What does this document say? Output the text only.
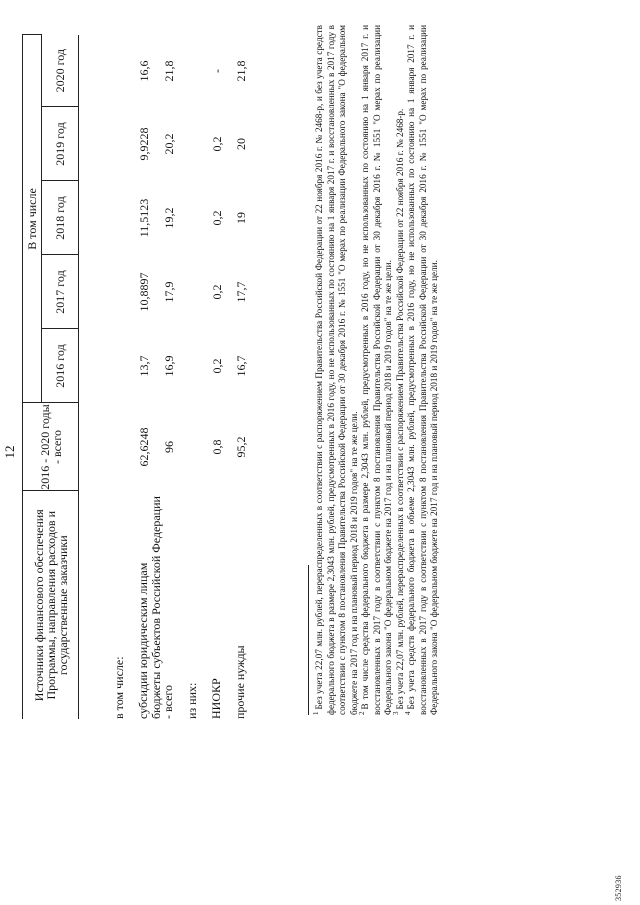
12
Источники финансового обеспечения Программы, направления расходов и государственные заказчики	2016 - 2020 годы - всего	В том числе				
		2016 год	2017 год	2018 год	2019 год	2020 год

в том числе:						
субсидии юридическим лицам	62,6248	13,7	10,8897	11,5123	9,9228	16,6
бюджеты субъектов Российской Федерации - всего	96	16,9	17,9	19,2	20,2	21,8
из них:						
НИОКР	0,8	0,2	0,2	0,2	0,2	-
прочие нужды	95,2	16,7	17,7	19	20	21,8

$^1$Без учета 22,07 млн. рублей, перераспределенных в соответствии с распоряжением Правительства Российской Федерации от 22 ноября 2016 г. № 2468-р, и без учета средств федерального бюджета в размере 2,3043 млн. рублей, предусмотренных в 2016 году, но не использованных по состоянию на 1 января 2017 г. и восстановленных в 2017 году в соответствии с пунктом 8 постановления Правительства Российской Федерации от 30 декабря 2016 г. № 1551 "О мерах по реализации Федерального закона "О федеральном бюджете на 2017 год и на плановый период 2018 и 2019 годов" на те же цели. $^2$В том числе средства федерального бюджета в размере 2,3043 млн. рублей, предусмотренных в 2016 году, но не использованных по состоянию на 1 января 2017 г. и восстановленных в 2017 году в соответствии с пунктом 8 постановления Правительства Российской Федерации от 30 декабря 2016 г. № 1551 "О мерах по реализации Федерального закона "О федеральном бюджете на 2017 год и на плановый период 2018 и 2019 годов" на те же цели. $^3$Без учета 22,07 млн. рублей, перераспределенных в соответствии с распоряжением Правительства Российской Федерации от 22 ноября 2016 г. № 2468-р.

$^4$Без учета средств федерального бюджета в объеме 2,3043 млн. рублей, предусмотренных в 2016 году, но не использованных по состоянию на 1 января 2017 г. и восстановленных в 2017 году в соответствии с пунктом 8 постановления Правительства Российской Федерации от 30 декабря 2016 г. № 1551 "О мерах по реализации Федерального закона "О федеральном бюджете на 2017 год и на плановый период 2018 и 2019 годов" на те же цели.

352936
